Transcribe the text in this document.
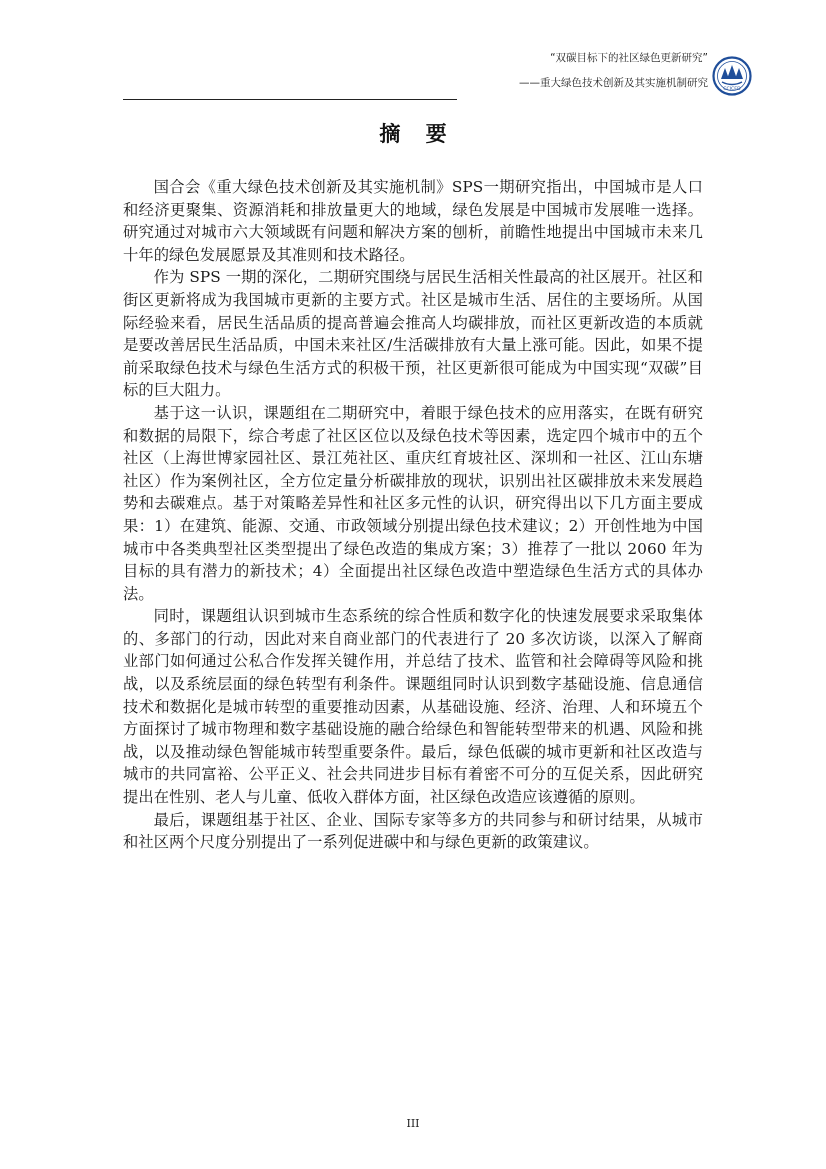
“双碳目标下的社区绿色更新研究”
——重大绿色技术创新及其实施机制研究
CCICED
摘 要

国合会《重大绿色技术创新及其实施机制》SPS一期研究指出，中国城市是人口和经济更聚集、资源消耗和排放量更大的地域，绿色发展是中国城市发展唯一选择。研究通过对城市六大领域既有问题和解决方案的刨析，前瞻性地提出中国城市未来几十年的绿色发展愿景及其准则和技术路径。

作为 SPS 一期的深化，二期研究围绕与居民生活相关性最高的社区展开。社区和街区更新将成为我国城市更新的主要方式。社区是城市生活、居住的主要场所。从国际经验来看，居民生活品质的提高普遍会推高人均碳排放，而社区更新改造的本质就是要改善居民生活品质，中国未来社区/生活碳排放有大量上涨可能。因此，如果不提前采取绿色技术与绿色生活方式的积极干预，社区更新很可能成为中国实现“双碳”目标的巨大阻力。

基于这一认识，课题组在二期研究中，着眼于绿色技术的应用落实，在既有研究和数据的局限下，综合考虑了社区区位以及绿色技术等因素，选定四个城市中的五个社区（上海世博家园社区、景江苑社区、重庆红育坡社区、深圳和一社区、江山东塘社区）作为案例社区，全方位定量分析碳排放的现状，识别出社区碳排放未来发展趋势和去碳难点。基于对策略差异性和社区多元性的认识，研究得出以下几方面主要成果：1）在建筑、能源、交通、市政领域分别提出绿色技术建议；2）开创性地为中国城市中各类典型社区类型提出了绿色改造的集成方案；3）推荐了一批以 2060 年为目标的具有潜力的新技术；4）全面提出社区绿色改造中塑造绿色生活方式的具体办法。

同时，课题组认识到城市生态系统的综合性质和数字化的快速发展要求采取集体的、多部门的行动，因此对来自商业部门的代表进行了 20 多次访谈，以深入了解商业部门如何通过公私合作发挥关键作用，并总结了技术、监管和社会障碍等风险和挑战，以及系统层面的绿色转型有利条件。课题组同时认识到数字基础设施、信息通信技术和数据化是城市转型的重要推动因素，从基础设施、经济、治理、人和环境五个方面探讨了城市物理和数字基础设施的融合给绿色和智能转型带来的机遇、风险和挑战，以及推动绿色智能城市转型重要条件。最后，绿色低碳的城市更新和社区改造与城市的共同富裕、公平正义、社会共同进步目标有着密不可分的互促关系，因此研究提出在性别、老人与儿童、低收入群体方面，社区绿色改造应该遵循的原则。

最后，课题组基于社区、企业、国际专家等多方的共同参与和研讨结果，从城市和社区两个尺度分别提出了一系列促进碳中和与绿色更新的政策建议。

III
